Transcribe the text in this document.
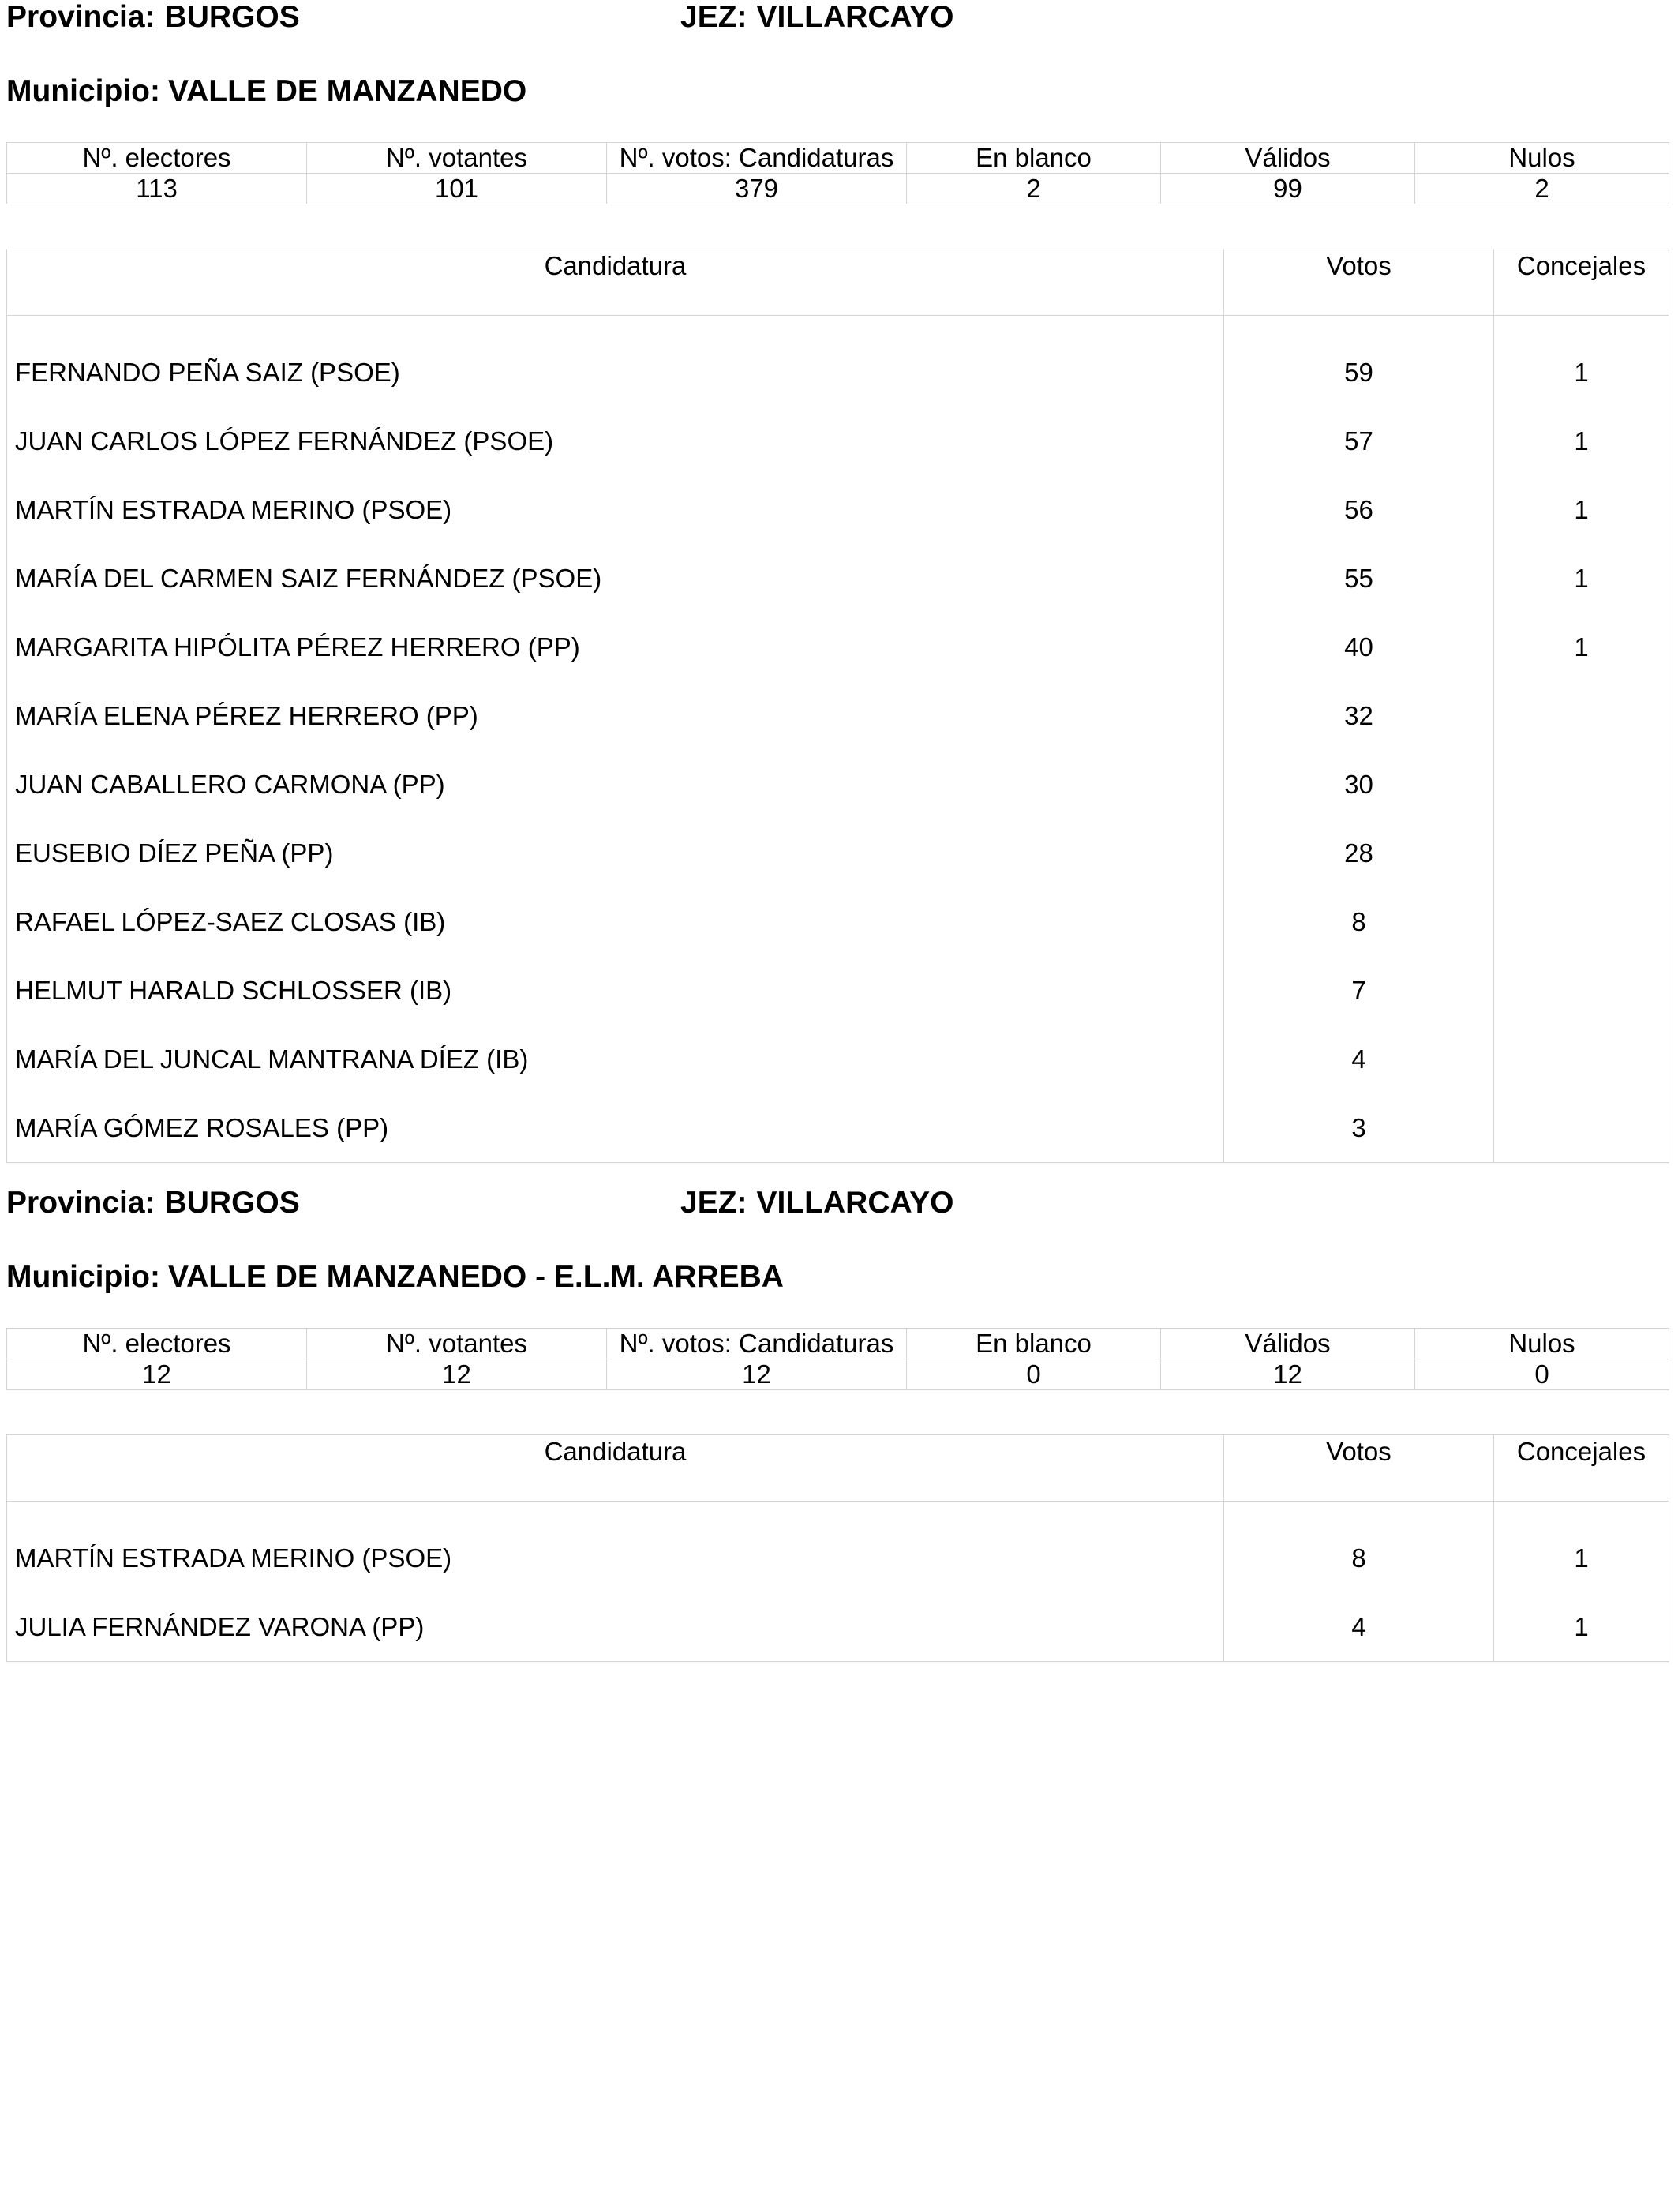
Provincia: BURGOS	JEZ: VILLARCAYO
Municipio: VALLE DE MANZANEDO
Nº. electores	Nº. votantes	Nº. votos: Candidaturas	En blanco	Válidos	Nulos
113	101	379	2	99	2
Candidatura	Votos	Concejales
FERNANDO PEÑA SAIZ (PSOE)	59	1
JUAN CARLOS LÓPEZ FERNÁNDEZ (PSOE)	57	1
MARTÍN ESTRADA MERINO (PSOE)	56	1
MARÍA DEL CARMEN SAIZ FERNÁNDEZ (PSOE)	55	1
MARGARITA HIPÓLITA PÉREZ HERRERO (PP)	40	1
MARÍA ELENA PÉREZ HERRERO (PP)	32	
JUAN CABALLERO CARMONA (PP)	30	
EUSEBIO DÍEZ PEÑA (PP)	28	
RAFAEL LÓPEZ-SAEZ CLOSAS (IB)	8	
HELMUT HARALD SCHLOSSER (IB)	7	
MARÍA DEL JUNCAL MANTRANA DÍEZ (IB)	4	
MARÍA GÓMEZ ROSALES (PP)	3	
Provincia: BURGOS	JEZ: VILLARCAYO
Municipio: VALLE DE MANZANEDO - E.L.M. ARREBA
Nº. electores	Nº. votantes	Nº. votos: Candidaturas	En blanco	Válidos	Nulos
12	12	12	0	12	0
Candidatura	Votos	Concejales
MARTÍN ESTRADA MERINO (PSOE)	8	1
JULIA FERNÁNDEZ VARONA (PP)	4	1
